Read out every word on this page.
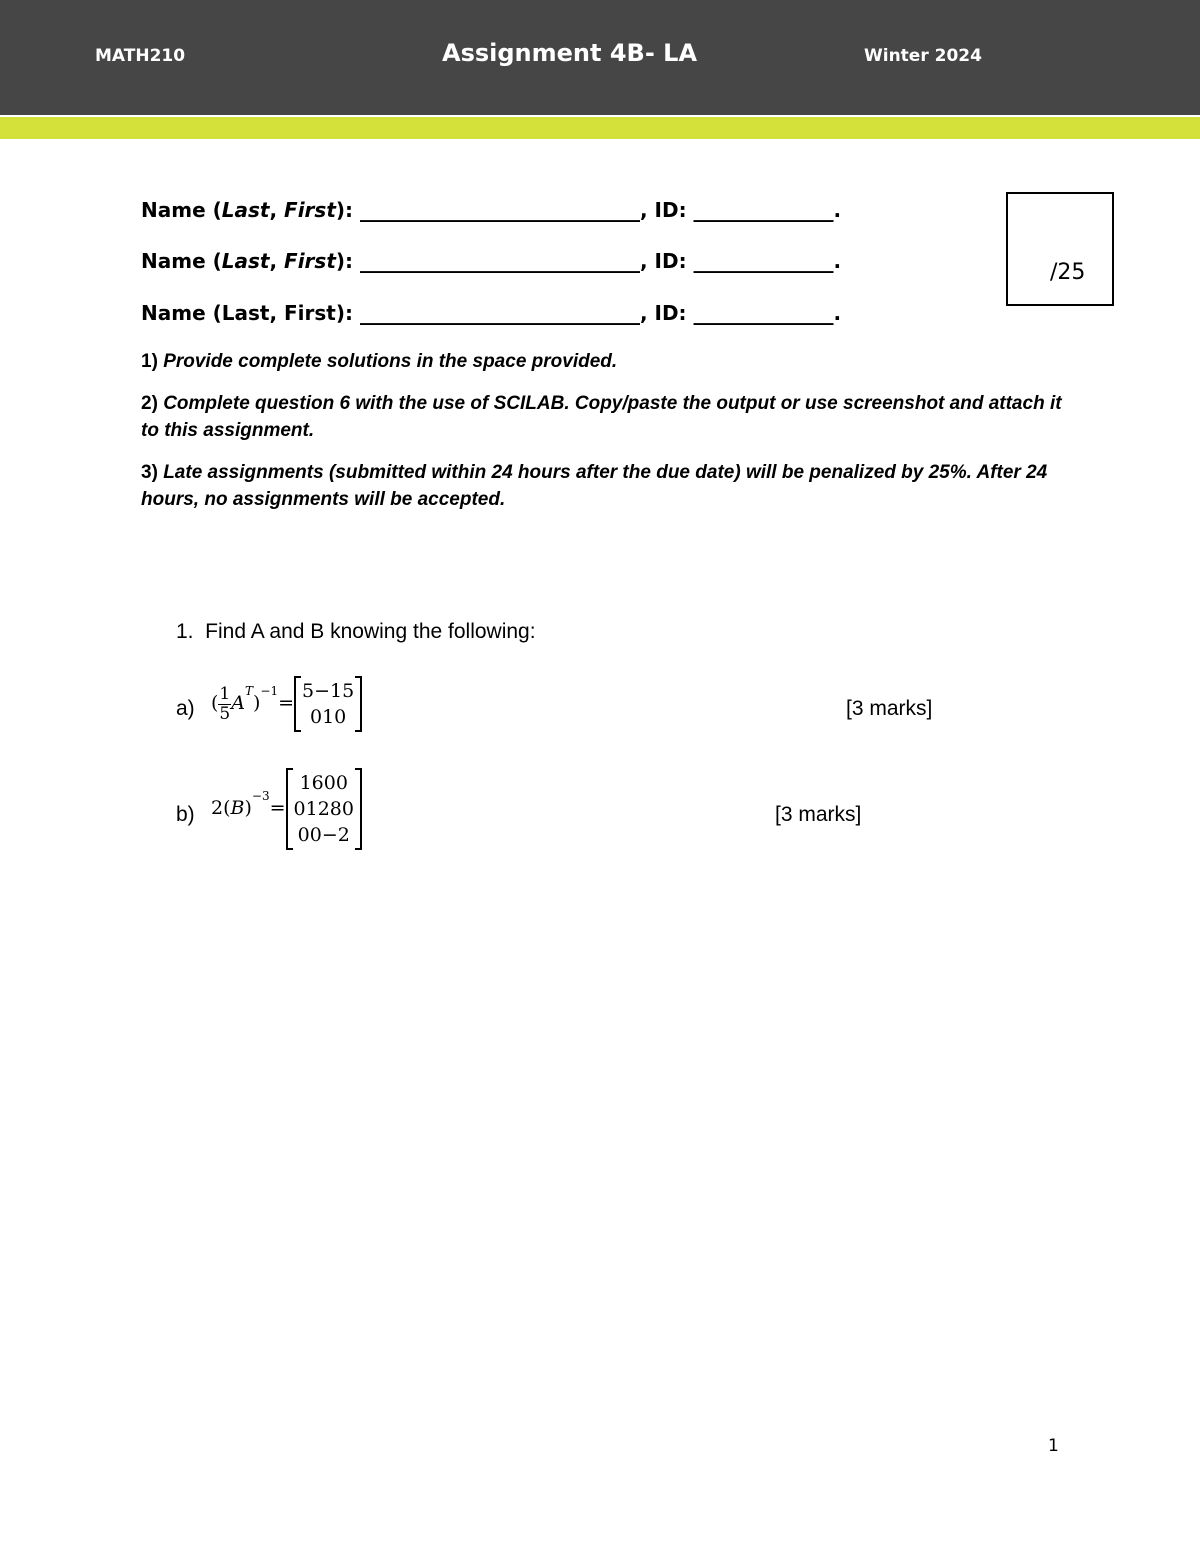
MATH210	Assignment 4B- LA	Winter 2024
Name (Last, First): ____________________________, ID: ______________.
Name (Last, First): ____________________________, ID: ______________.
Name (Last, First): ____________________________, ID: ______________.
/25
1) Provide complete solutions in the space provided.
2) Complete question 6 with the use of SCILAB. Copy/paste the output or use screenshot and attach it to this assignment.
3) Late assignments (submitted within 24 hours after the due date) will be penalized by 25%. After 24 hours, no assignments will be accepted.
1.  Find A and B knowing the following:
a) ( $\frac{1}{5} A^T)^{-1}=$
5−15
010	[3 marks]
b) $2(B)^{-3}=$
1600
01280
00−2
[3 marks]
1
